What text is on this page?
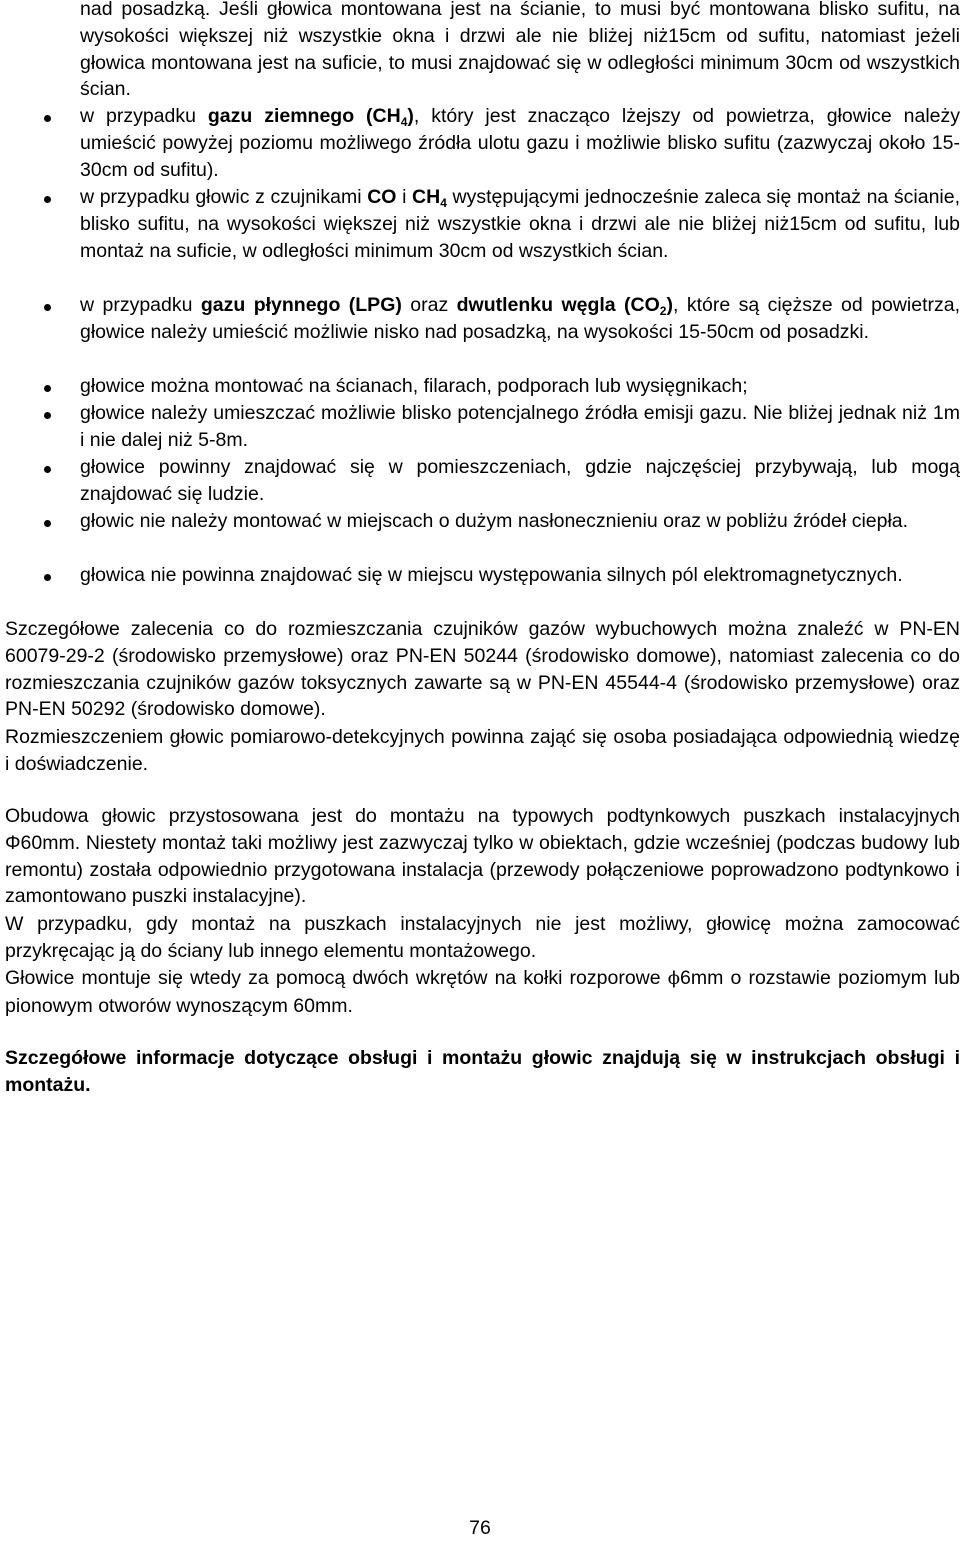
nad posadzką. Jeśli głowica montowana jest na ścianie, to musi być montowana blisko sufitu, na wysokości większej niż wszystkie okna i drzwi ale nie bliżej niż15cm od sufitu, natomiast jeżeli głowica montowana jest na suficie, to musi znajdować się w odległości minimum 30cm od wszystkich ścian.

w przypadku gazu ziemnego $(CH_4)$, który jest znacząco lżejszy od powietrza, głowice należy umieścić powyżej poziomu możliwego źródła ulotu gazu i możliwie blisko sufitu (zazwyczaj około 15-30cm od sufitu).

w przypadku głowic z czujnikami CO i $CH_4$ występującymi jednocześnie zaleca się montaż na ścianie, blisko sufitu, na wysokości większej niż wszystkie okna i drzwi ale nie bliżej niż15cm od sufitu, lub montaż na suficie, w odległości minimum 30cm od wszystkich ścian.

w przypadku gazu płynnego (LPG) oraz dwutlenku węgla $(CO_2)$, które są cięższe od powietrza, głowice należy umieścić możliwie nisko nad posadzką, na wysokości 15-50cm od posadzki.

głowice można montować na ścianach, filarach, podporach lub wysięgnikach;

głowice należy umieszczać możliwie blisko potencjalnego źródła emisji gazu. Nie bliżej jednak niż 1m i nie dalej niż 5-8m.

głowice powinny znajdować się w pomieszczeniach, gdzie najczęściej przybywają, lub mogą znajdować się ludzie.

głowic nie należy montować w miejscach o dużym nasłonecznieniu oraz w pobliżu źródeł ciepła.

głowica nie powinna znajdować się w miejscu występowania silnych pól elektromagnetycznych.

Szczegółowe zalecenia co do rozmieszczania czujników gazów wybuchowych można znaleźć w PN-EN 60079-29-2 (środowisko przemysłowe) oraz PN-EN 50244 (środowisko domowe), natomiast zalecenia co do rozmieszczania czujników gazów toksycznych zawarte są w PN-EN 45544-4 (środowisko przemysłowe) oraz PN-EN 50292 (środowisko domowe).

Rozmieszczeniem głowic pomiarowo-detekcyjnych powinna zająć się osoba posiadająca odpowiednią wiedzę i doświadczenie.

Obudowa głowic przystosowana jest do montażu na typowych podtynkowych puszkach instalacyjnych Φ60mm. Niestety montaż taki możliwy jest zazwyczaj tylko w obiektach, gdzie wcześniej (podczas budowy lub remontu) została odpowiednio przygotowana instalacja (przewody połączeniowe poprowadzono podtynkowo i zamontowano puszki instalacyjne).

W przypadku, gdy montaż na puszkach instalacyjnych nie jest możliwy, głowicę można zamocować przykręcając ją do ściany lub innego elementu montażowego.

Głowice montuje się wtedy za pomocą dwóch wkrętów na kołki rozporowe ϕ6mm o rozstawie poziomym lub pionowym otworów wynoszącym 60mm.

Szczegółowe informacje dotyczące obsługi i montażu głowic znajdują się w instrukcjach obsługi i montażu.

76
